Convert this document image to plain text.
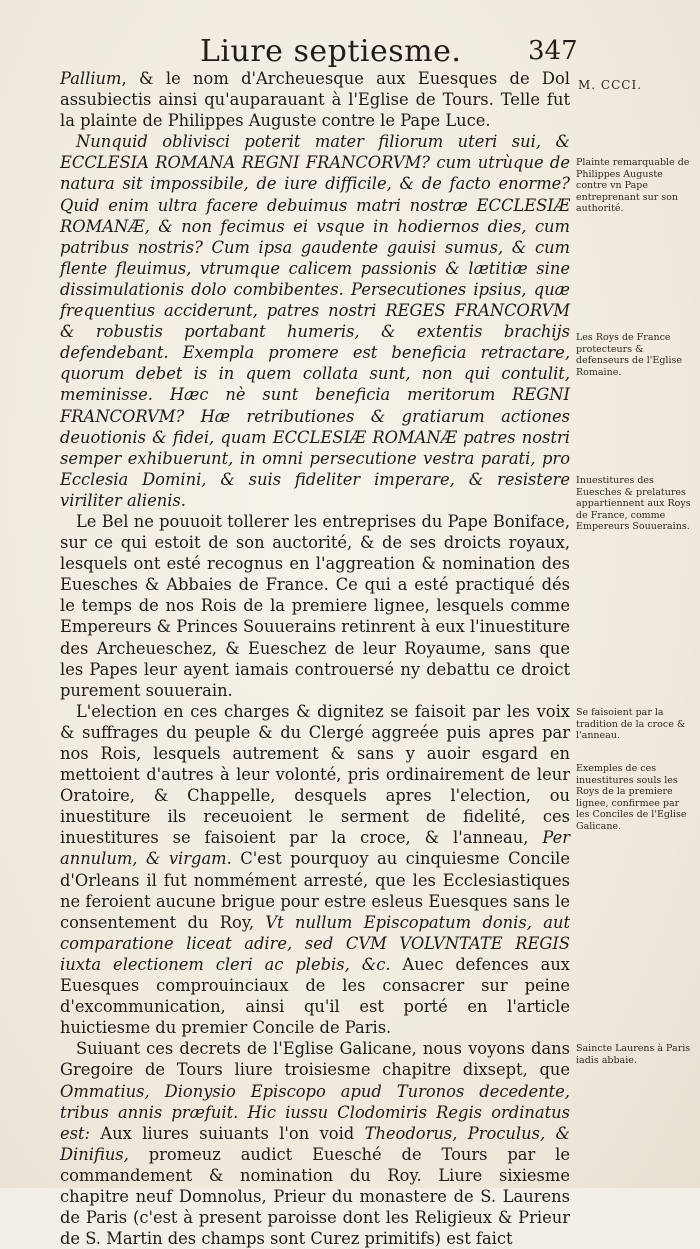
Liure septiesme.	347
M. CCCI.

Pallium, & le nom d'Archeuesque aux Euesques de Dol assubiectis ainsi qu'auparauant à l'Eglise de Tours. Telle fut la plainte de Philippes Auguste contre le Pape Luce.

Nunquid oblivisci poterit mater filiorum uteri sui, & ECCLESIA ROMANA REGNI FRANCORVM? cum utrùque de natura sit impossibile, de iure difficile, & de facto enorme? Quid enim ultra facere debuimus matri nostræ ECCLESIÆ ROMANÆ, & non fecimus ei vsque in hodiernos dies, cum patribus nostris? Cum ipsa gaudente gauisi sumus, & cum flente fleuimus, vtrumque calicem passionis & lætitiæ sine dissimulationis dolo combibentes. Persecutiones ipsius, quæ frequentius acciderunt, patres nostri REGES FRANCORVM & robustis portabant humeris, & extentis brachijs defendebant. Exempla promere est beneficia retractare, quorum debet is in quem collata sunt, non qui contulit, meminisse. Hæc nè sunt beneficia meritorum REGNI FRANCORVM? Hæ retributiones & gratiarum actiones deuotionis & fidei, quam ECCLESIÆ ROMANÆ patres nostri semper exhibuerunt, in omni persecutione vestra parati, pro Ecclesia Domini, & suis fideliter imperare, & resistere viriliter alienis.

Le Bel ne pouuoit tollerer les entreprises du Pape Boniface, sur ce qui estoit de son auctorité, & de ses droicts royaux, lesquels ont esté recognus en l'aggreation & nomination des Euesches & Abbaies de France. Ce qui a esté practiqué dés le temps de nos Rois de la premiere lignee, lesquels comme Empereurs & Princes Souuerains retinrent à eux l'inuestiture des Archeueschez, & Eueschez de leur Royaume, sans que les Papes leur ayent iamais controuersé ny debattu ce droict purement souuerain.

L'election en ces charges & dignitez se faisoit par les voix & suffrages du peuple & du Clergé aggreée puis apres par nos Rois, lesquels autrement & sans y auoir esgard en mettoient d'autres à leur volonté, pris ordinairement de leur Oratoire, & Chappelle, desquels apres l'election, ou inuestiture ils receuoient le serment de fidelité, ces inuestitures se faisoient par la croce, & l'anneau, Per annulum, & virgam. C'est pourquoy au cinquiesme Concile d'Orleans il fut nommément arresté, que les Ecclesiastiques ne feroient aucune brigue pour estre esleus Euesques sans le consentement du Roy, Vt nullum Episcopatum donis, aut comparatione liceat adire, sed CVM VOLVNTATE REGIS iuxta electionem cleri ac plebis, &c. Auec defences aux Euesques comprouinciaux de les consacrer sur peine d'excommunication, ainsi qu'il est porté en l'article huictiesme du premier Concile de Paris.

Suiuant ces decrets de l'Eglise Galicane, nous voyons dans Gregoire de Tours liure troisiesme chapitre dixsept, que Ommatius, Dionysio Episcopo apud Turonos decedente, tribus annis præfuit. Hic iussu Clodomiris Regis ordinatus est: Aux liures suiuants l'on void Theodorus, Proculus, & Dinifius, promeuz audict Euesché de Tours par le commandement & nomination du Roy. Liure sixiesme chapitre neuf Domnolus, Prieur du monastere de S. Laurens de Paris (c'est à present paroisse dont les Religieux & Prieur de S. Martin des champs sont Curez primitifs) est faict

Plainte remarquable de Philippes Auguste contre vn Pape entreprenant sur son authorité.
Les Roys de France protecteurs & defenseurs de l'Eglise Romaine.
Inuestitures des Euesches & prelatures appartiennent aux Roys de France, comme Empereurs Souuerains.
Se faisoient par la tradition de la croce & l'anneau.
Exemples de ces inuestitures souls les Roys de la premiere lignee, confirmee par les Conciles de l'Eglise Galicane.
Saincte Laurens à Paris iadis abbaie.
